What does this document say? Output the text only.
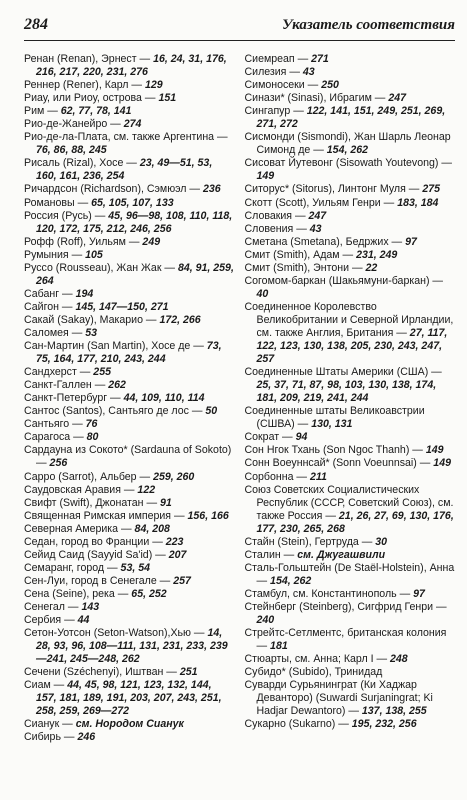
284	Указатель соответствия
Ренан (Renan), Эрнест — 16, 24, 31, 176, 216, 217, 220, 231, 276
Реннер (Rener), Карл — 129
Риау, или Риоу, острова — 151
Рим — 62, 77, 78, 141
Рио-де-Жанейро — 274
Рио-де-ла-Плата, см. также Аргентина — 76, 86, 88, 245
Рисаль (Rizal), Хосе — 23, 49—51, 53, 160, 161, 236, 254
Ричардсон (Richardson), Сэмюэл — 236
Романовы — 65, 105, 107, 133
Россия (Русь) — 45, 96—98, 108, 110, 118, 120, 172, 175, 212, 246, 256
Рофф (Roff), Уильям — 249
Румыния — 105
Руссо (Rousseau), Жан Жак — 84, 91, 259, 264
Сабанг — 194
Сайгон — 145, 147—150, 271
Сакай (Sakay), Макарио — 172, 266
Саломея — 53
Сан-Мартин (San Martin), Хосе де — 73, 75, 164, 177, 210, 243, 244
Сандхерст — 255
Санкт-Галлен — 262
Санкт-Петербург — 44, 109, 110, 114
Сантос (Santos), Сантьяго де лос — 50
Сантьяго — 76
Сарагоса — 80
Сардауна из Сокото* (Sardauna of Sokoto) — 256
Сарро (Sarrot), Альбер — 259, 260
Саудовская Аравия — 122
Свифт (Swift), Джонатан — 91
Священная Римская империя — 156, 166
Северная Америка — 84, 208
Седан, город во Франции — 223
Сейид Саид (Sayyid Sa'id) — 207
Семаранг, город — 53, 54
Сен-Луи, город в Сенегале — 257
Сена (Seine), река — 65, 252
Сенегал — 143
Сербия — 44
Сетон-Уотсон (Seton-Watson),Хью — 14, 28, 93, 96, 108—111, 131, 231, 233, 239—241, 245—248, 262
Сечени (Széchenyi), Иштван — 251
Сиам — 44, 45, 98, 121, 123, 132, 144, 157, 181, 189, 191, 203, 207, 243, 251, 258, 259, 269—272
Сианук — см. Нородом Сианук
Сибирь — 246
Сиемреап — 271
Силезия — 43
Симоносеки — 250
Синази* (Sinasi), Ибрагим — 247
Сингапур — 122, 141, 151, 249, 251, 269, 271, 272
Сисмонди (Sismondi), Жан Шарль Леонар Симонд де — 154, 262
Сисоват Йутевонг (Sisowath Youtevong) — 149
Ситорус* (Sitorus), Линтонг Муля — 275
Скотт (Scott), Уильям Генри — 183, 184
Словакия — 247
Словения — 43
Сметана (Smetana), Бедржих — 97
Смит (Smith), Адам — 231, 249
Смит (Smith), Энтони — 22
Согомом-баркан (Шакьямуни-баркан) — 40
Соединенное Королевство Великобритании и Северной Ирландии, см. также Англия, Британия — 27, 117, 122, 123, 130, 138, 205, 230, 243, 247, 257
Соединенные Штаты Америки (США) — 25, 37, 71, 87, 98, 103, 130, 138, 174, 181, 209, 219, 241, 244
Соединенные штаты Великоавстрии (СШВА) — 130, 131
Сократ — 94
Сон Нгок Тхань (Son Ngoc Thanh) — 149
Сонн Воеуннсай* (Sonn Voeunnsai) — 149
Сорбонна — 211
Союз Советских Социалистических Республик (СССР, Советский Союз), см. также Россия — 21, 26, 27, 69, 130, 176, 177, 230, 265, 268
Стайн (Stein), Гертруда — 30
Сталин — см. Джугашвили
Сталь-Гольштейн (De Staël-Holstein), Анна — 154, 262
Стамбул, см. Константинополь — 97
Стейнберг (Steinberg), Сигфрид Генри — 240
Стрейтс-Сетлментс, британская колония — 181
Стюарты, см. Анна; Карл I — 248
Субидо* (Subido), Тринидад
Суварди Сурьянинграт (Ки Хаджар Деванторо) (Suwardi Surjaningrat; Ki Hadjar Dewantoro) — 137, 138, 255
Сукарно (Sukarno) — 195, 232, 256
